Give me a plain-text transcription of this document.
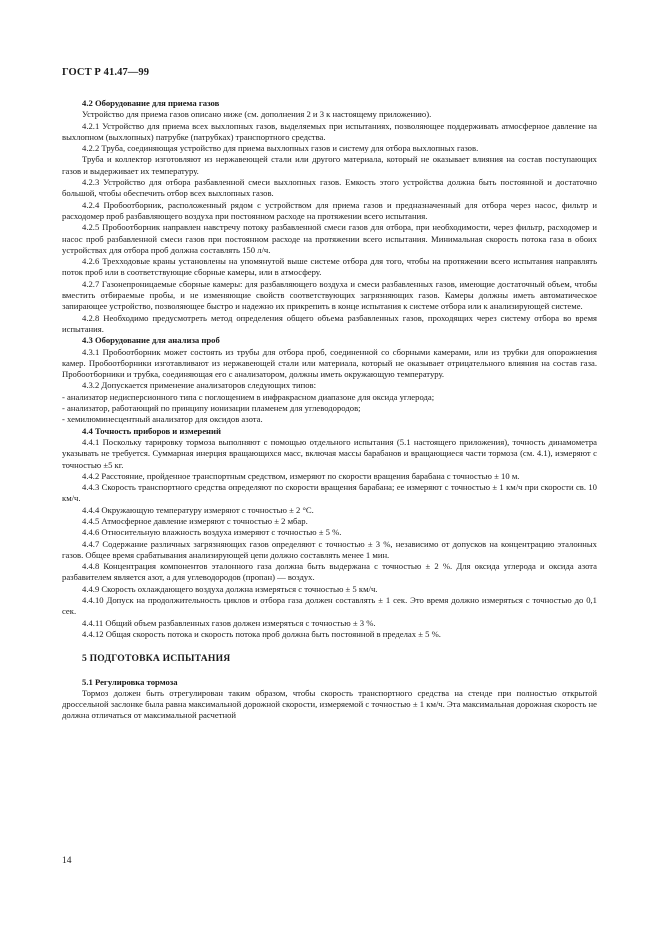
ГОСТ Р 41.47—99
4.2 Оборудование для приема газов

Устройство для приема газов описано ниже (см. дополнения 2 и 3 к настоящему приложению).

4.2.1 Устройство для приема всех выхлопных газов, выделяемых при испытаниях, позволяющее поддерживать атмосферное давление на выхлопном (выхлопных) патрубке (патрубках) транспортного средства.

4.2.2 Труба, соединяющая устройство для приема выхлопных газов и систему для отбора выхлопных газов.

Труба и коллектор изготовляют из нержавеющей стали или другого материала, который не оказывает влияния на состав поступающих газов и выдерживает их температуру.

4.2.3 Устройство для отбора разбавленной смеси выхлопных газов. Емкость этого устройства должна быть постоянной и достаточно большой, чтобы обеспечить отбор всех выхлопных газов.

4.2.4 Пробоотборник, расположенный рядом с устройством для приема газов и предназначенный для отбора через насос, фильтр и расходомер проб разбавляющего воздуха при постоянном расходе на протяжении всего испытания.

4.2.5 Пробоотборник направлен навстречу потоку разбавленной смеси газов для отбора, при необходимости, через фильтр, расходомер и насос проб разбавленной смеси газов при постоянном расходе на протяжении всего испытания. Минимальная скорость потока газа в обоих устройствах для отбора проб должна составлять 150 л/ч.

4.2.6 Трехходовые краны установлены на упомянутой выше системе отбора для того, чтобы на протяжении всего испытания направлять поток проб или в соответствующие сборные камеры, или в атмосферу.

4.2.7 Газонепроницаемые сборные камеры: для разбавляющего воздуха и смеси разбавленных газов, имеющие достаточный объем, чтобы вместить отбираемые пробы, и не изменяющие свойств соответствующих загрязняющих газов. Камеры должны иметь автоматическое запирающее устройство, позволяющее быстро и надежно их прикрепить в конце испытания к системе отбора или к анализирующей системе.

4.2.8 Необходимо предусмотреть метод определения общего объема разбавленных газов, проходящих через систему отбора во время испытания.

4.3 Оборудование для анализа проб

4.3.1 Пробоотборник может состоять из трубы для отбора проб, соединенной со сборными камерами, или из трубки для опорожнения камер. Пробоотборники изготавливают из нержавеющей стали или материала, который не оказывает отрицательного влияния на состав газа. Пробоотборники и трубка, соединяющая его с анализатором, должны иметь окружающую температуру.

4.3.2 Допускается применение анализаторов следующих типов:

- анализатор недисперсионного типа с поглощением в инфракрасном диапазоне для оксида углерода;

- анализатор, работающий по принципу ионизации пламенем для углеводородов;

- хемилюминесцентный анализатор для оксидов азота.

4.4 Точность приборов и измерений

4.4.1 Поскольку тарировку тормоза выполняют с помощью отдельного испытания (5.1 настоящего приложения), точность динамометра указывать не требуется. Суммарная инерция вращающихся масс, включая массы барабанов и вращающиеся части тормоза (см. 4.1), измеряют с точностью ±5 кг.

4.4.2 Расстояние, пройденное транспортным средством, измеряют по скорости вращения барабана с точностью ± 10 м.

4.4.3 Скорость транспортного средства определяют по скорости вращения барабана; ее измеряют с точностью ± 1 км/ч при скорости св. 10 км/ч.

4.4.4 Окружающую температуру измеряют с точностью ± 2 °С.

4.4.5 Атмосферное давление измеряют с точностью ± 2 мбар.

4.4.6 Относительную влажность воздуха измеряют с точностью ± 5 %.

4.4.7 Содержание различных загрязняющих газов определяют с точностью ± 3 %, независимо от допусков на концентрацию эталонных газов. Общее время срабатывания анализирующей цепи должно составлять менее 1 мин.

4.4.8 Концентрация компонентов эталонного газа должна быть выдержана с точностью ± 2 %. Для оксида углерода и оксида азота разбавителем является азот, а для углеводородов (пропан) — воздух.

4.4.9 Скорость охлаждающего воздуха должна измеряться с точностью ± 5 км/ч.

4.4.10 Допуск на продолжительность циклов и отбора газа должен составлять ± 1 сек. Это время должно измеряться с точностью до 0,1 сек.

4.4.11 Общий объем разбавленных газов должен измеряться с точностью ± 3 %.

4.4.12 Общая скорость потока и скорость потока проб должна быть постоянной в пределах ± 5 %.

5 ПОДГОТОВКА ИСПЫТАНИЯ
5.1 Регулировка тормоза

Тормоз должен быть отрегулирован таким образом, чтобы скорость транспортного средства на стенде при полностью открытой дроссельной заслонке была равна максимальной дорожной скорости, измеряемой с точностью ± 1 км/ч. Эта максимальная дорожная скорость не должна отличаться от максимальной расчетной

14
